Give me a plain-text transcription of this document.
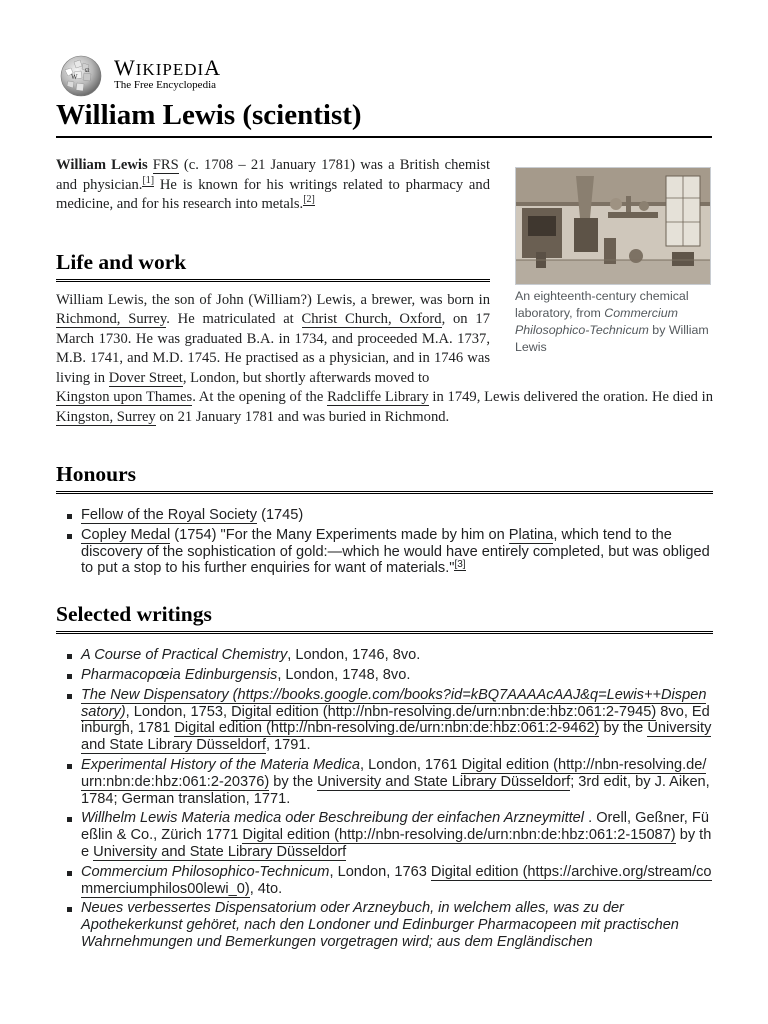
W
Ω WIKIPEDIA
The Free Encyclopedia
William Lewis (scientist)
An eighteenth-century chemical laboratory, from Commercium Philosophico-Technicum by William Lewis

William Lewis FRS (c. 1708 – 21 January 1781) was a British chemist and physician.[1] He is known for his writings related to pharmacy and medicine, and for his research into metals.[2]

Life and work

William Lewis, the son of John (William?) Lewis, a brewer, was born in Richmond, Surrey. He matriculated at Christ Church, Oxford, on 17 March 1730. He was graduated B.A. in 1734, and proceeded M.A. 1737, M.B. 1741, and M.D. 1745. He practised as a physician, and in 1746 was living in Dover Street, London, but shortly afterwards moved to
Kingston upon Thames. At the opening of the Radcliffe Library in 1749, Lewis delivered the oration. He died in Kingston, Surrey on 21 January 1781 and was buried in Richmond.

Honours
Fellow of the Royal Society (1745)
Copley Medal (1754) "For the Many Experiments made by him on Platina, which tend to the discovery of the sophistication of gold:—which he would have entirely completed, but was obliged to put a stop to his further enquiries for want of materials."[3]
Selected writings
A Course of Practical Chemistry, London, 1746, 8vo.
Pharmacopœia Edinburgensis, London, 1748, 8vo.
The New Dispensatory (https://books.google.com/books?id=kBQ7AAAAcAAJ&q=Lewis++Dispensatory), London, 1753, Digital edition (http://nbn-resolving.de/urn:nbn:de:hbz:061:2-7945) 8vo, Edinburgh, 1781 Digital edition (http://nbn-resolving.de/urn:nbn:de:hbz:061:2-9462) by the University and State Library Düsseldorf, 1791.
Experimental History of the Materia Medica, London, 1761 Digital edition (http://nbn-resolving.de/urn:nbn:de:hbz:061:2-20376) by the University and State Library Düsseldorf; 3rd edit, by J. Aiken, 1784; German translation, 1771.
Willhelm Lewis Materia medica oder Beschreibung der einfachen Arzneymittel . Orell, Geßner, Füeßlin & Co., Zürich 1771 Digital edition (http://nbn-resolving.de/urn:nbn:de:hbz:061:2-15087) by the University and State Library Düsseldorf
Commercium Philosophico-Technicum, London, 1763 Digital edition (https://archive.org/stream/commerciumphilos00lewi_0), 4to.
Neues verbessertes Dispensatorium oder Arzneybuch, in welchem alles, was zu der Apothekerkunst gehöret, nach den Londoner und Edinburger Pharmacopeen mit practischen Wahrnehmungen und Bemerkungen vorgetragen wird; aus dem Engländischen
